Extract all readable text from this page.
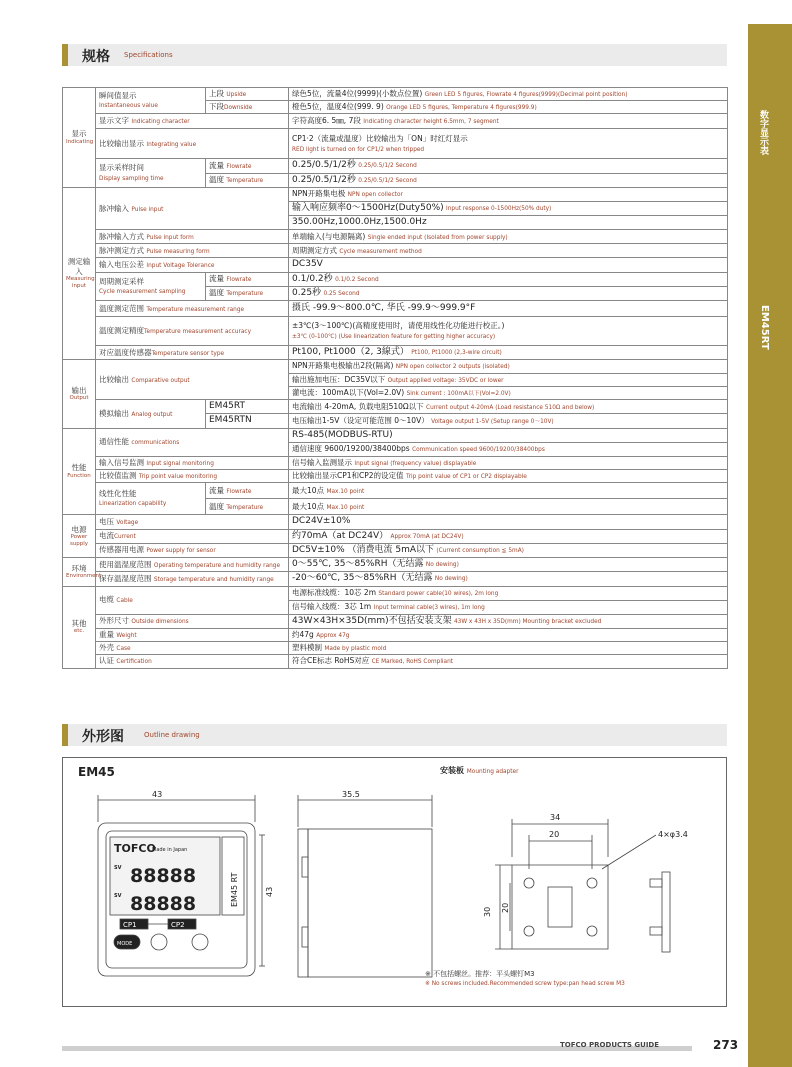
数字显示表
EM45RT
规格 Specifications
显示
Indicating	瞬间值显示
Instantaneous value	上段 Upside	绿色5位，流量4位(9999)(小数点位置) Green LED 5 figures, Flowrate 4 figures(9999)(Decimal point position)
		下段Downside	橙色5位，温度4位(999. 9) Orange LED 5 figures, Temperature 4 figures(999.9)
	显示文字 Indicating character		字符高度6. 5㎜, 7段 Indicating character height 6.5mm, 7 segment
	比较输出显示 Integrating value		CP1·2（流量或温度）比较输出为「ON」时红灯显示
RED light is turned on for CP1/2 when tripped
	显示采样时间
Display sampling time	流量 Flowrate	0.25/0.5/1/2秒 0.25/0.5/1/2 Second
		温度 Temperature	0.25/0.5/1/2秒 0.25/0.5/1/2 Second
测定输入
Measuring input	脉冲输入 Pulse input		NPN开路集电极 NPN open collector
			输入响应频率0～1500Hz(Duty50%) Input response 0-1500Hz(50% duty)
			350.00Hz,1000.0Hz,1500.0Hz
	脉冲输入方式 Pulse input form		单端输入(与电源隔离) Single ended input (Isolated from power supply)
	脉冲测定方式 Pulse measuring form		周期测定方式 Cycle measurement method
	输入电压公差 Input Voltage Tolerance		DC35V
	周期测定采样
Cycle measurement sampling	流量 Flowrate	0.1/0.2秒 0.1/0.2 Second
		温度 Temperature	0.25秒 0.25 Second
	温度测定范围 Temperature measurement range		摄氏 -99.9～800.0℃, 华氏 -99.9～999.9°F
	温度测定精度Temperature measurement accuracy		±3℃(3～100℃)(高精度使用时，请使用线性化功能进行校正。)
±3℃ (0-100℃) (Use linearization feature for getting higher accuracy)
	对应温度传感器Temperature sensor type		Pt100, Pt1000（2, 3線式） Pt100, Pt1000 (2,3-wire circuit)
输出
Output	比较输出 Comparative output		NPN开路集电极输出2段(隔离) NPN open collector 2 outputs (isolated)
			输出施加电压：DC35V以下 Output applied voltage: 35VDC or lower
			灌电流：100mA以下(Vol=2.0V) Sink current : 100mA以下(Vol=2.0V)
	模拟输出 Analog output	EM45RT	电流输出 4-20mA, 负载电阻510Ω以下 Current output 4-20mA (Load resistance 510Ω and below)
		EM45RTN	电压输出1-5V（设定可能范围 0～10V） Voltage output 1-5V (Setup range 0～10V)
性能
Function	通信性能 communications		RS-485(MODBUS-RTU)
			通信速度 9600/19200/38400bps Communication speed 9600/19200/38400bps
	输入信号监测 Input signal monitoring		信号输入监测显示 Input signal (frequency value) displayable
	比较值监测 Trip point value monitoring		比较输出显示CP1和CP2的设定值 Trip point value of CP1 or CP2 displayable
	线性化性能
Linearization capability	流量 Flowrate	最大10点 Max.10 point
		温度 Temperature	最大10点 Max.10 point
电源
Power supply	电压 Voltage		DC24V±10%
	电流Current		约70mA（at DC24V） Approx 70mA (at DC24V)
	传感器用电源 Power supply for sensor		DC5V±10% （消费电流 5mA以下 (Current consumption ≦ 5mA)
环境
Environment	使用温湿度范围 Operating temperature and humidity range		0～55℃, 35～85%RH（无结露 No dewing)
	保存温湿度范围 Storage temperature and humidity range		-20～60℃, 35～85%RH（无结露 No dewing)
其他
etc.	电缆 Cable		电源标准线缆：10芯 2m Standard power cable(10 wires), 2m long
			信号输入线缆：3芯 1m Input terminal cable(3 wires), 1m long
	外形尺寸 Outside dimensions		43W×43H×35D(mm)不包括安装支架 43W x 43H x 35D(mm) Mounting bracket excluded
	重量 Weight		约47g Approx 47g
	外壳 Case		塑料模制 Made by plastic mold
	认证 Certification		符合CE标志 RoHS对应 CE Marked, RoHS Compliant
外形图	Outline drawing
EM45	安装板 Mounting adapter
43
TOFCO
Made in Japan
SV 88888
SV 88888	EM45 RT
CP1	CP2
MODE
43
35.5
34
20	4×φ3.4
30 20
※ 不包括螺丝。推荐：平头螺钉M3
※ No screws included.Recommended screw type:pan head screw M3
TOFCO PRODUCTS GUIDE	273
